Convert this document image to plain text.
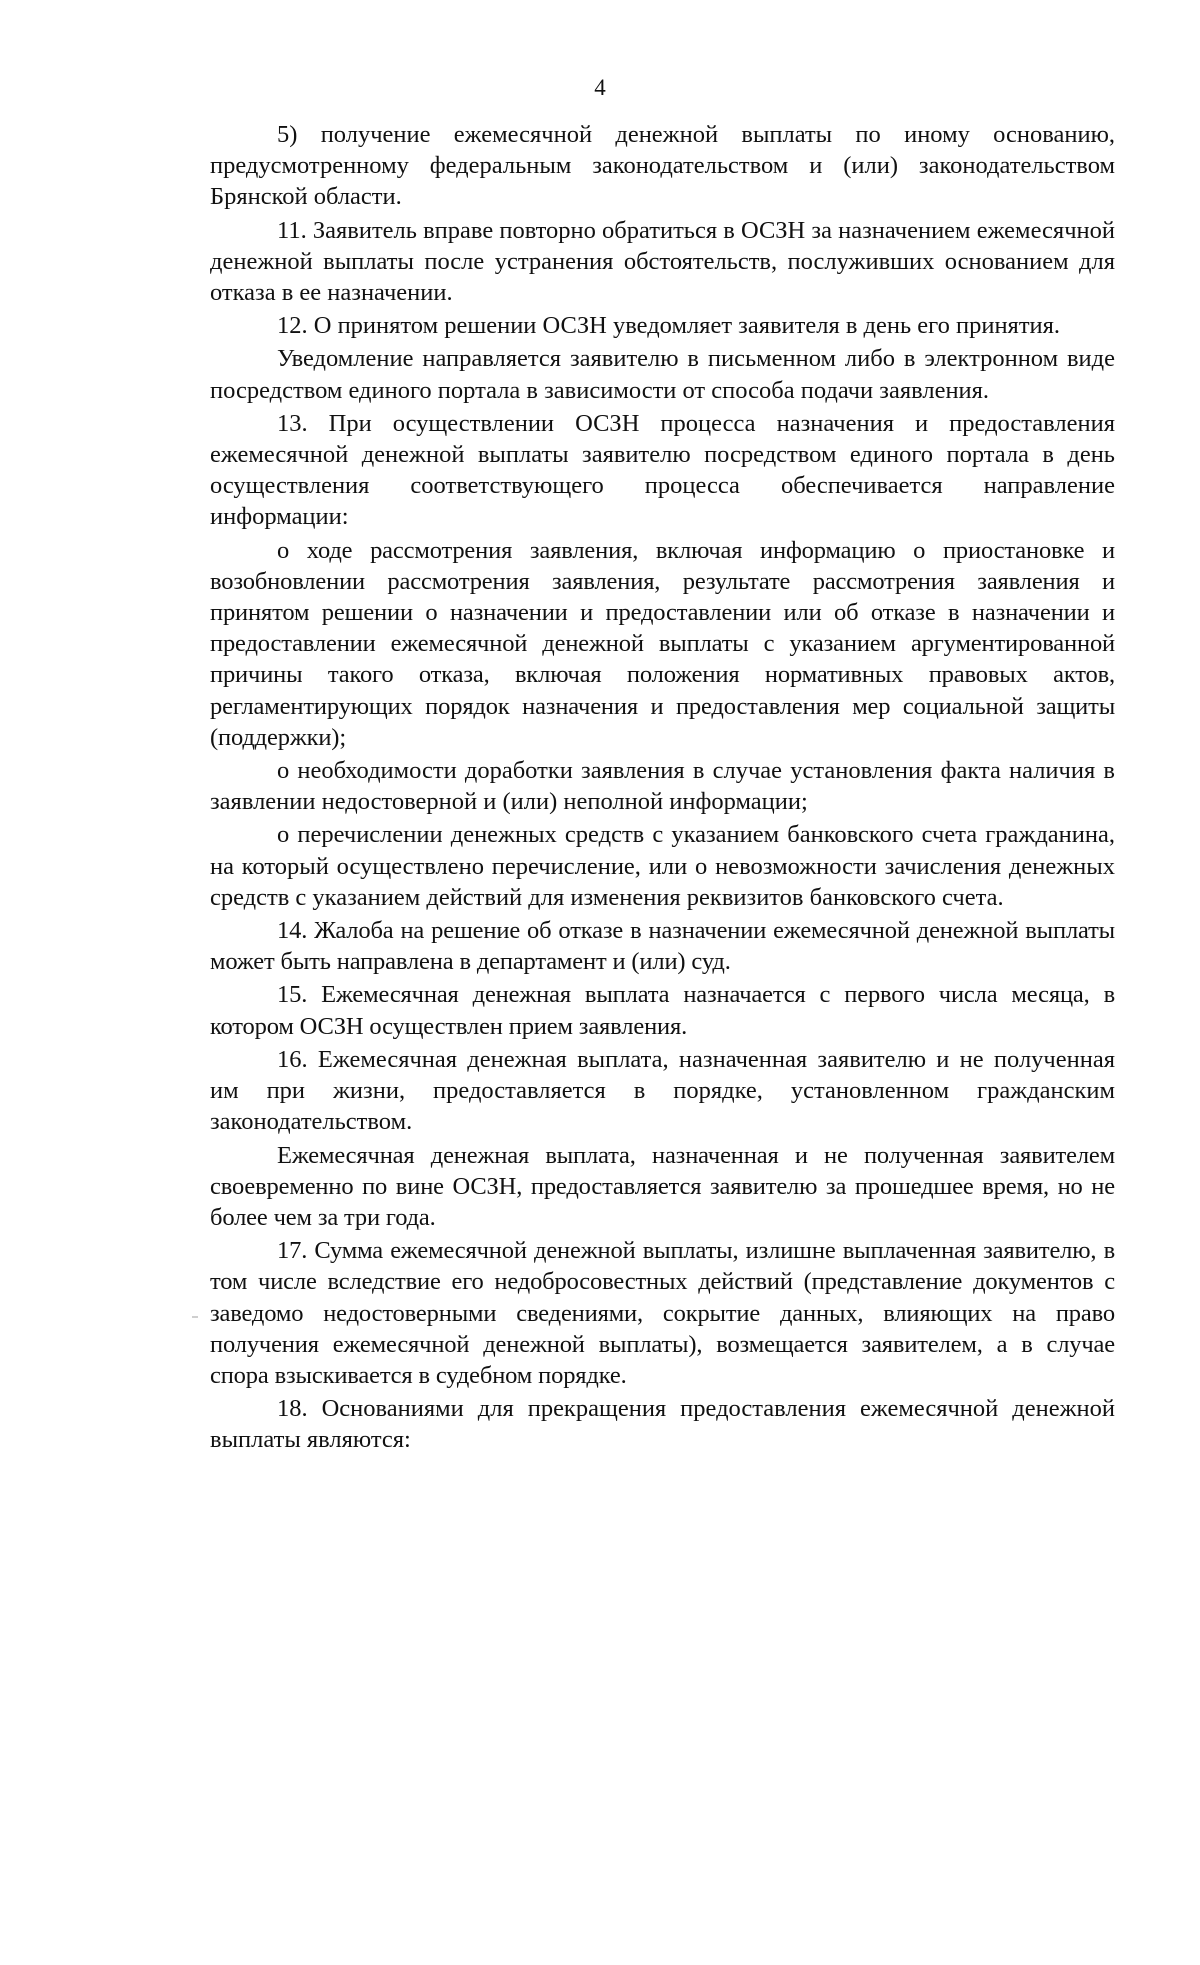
4

5) получение ежемесячной денежной выплаты по иному основанию, предусмотренному федеральным законодательством и (или) законодательством Брянской области.

11. Заявитель вправе повторно обратиться в ОСЗН за назначением ежемесячной денежной выплаты после устранения обстоятельств, послуживших основанием для отказа в ее назначении.

12. О принятом решении ОСЗН уведомляет заявителя в день его принятия.

Уведомление направляется заявителю в письменном либо в электронном виде посредством единого портала в зависимости от способа подачи заявления.

13. При осуществлении ОСЗН процесса назначения и предоставления ежемесячной денежной выплаты заявителю посредством единого портала в день осуществления соответствующего процесса обеспечивается направление информации:

о ходе рассмотрения заявления, включая информацию о приостановке и возобновлении рассмотрения заявления, результате рассмотрения заявления и принятом решении о назначении и предоставлении или об отказе в назначении и предоставлении ежемесячной денежной выплаты с указанием аргументированной причины такого отказа, включая положения нормативных правовых актов, регламентирующих порядок назначения и предоставления мер социальной защиты (поддержки);

о необходимости доработки заявления в случае установления факта наличия в заявлении недостоверной и (или) неполной информации;

о перечислении денежных средств с указанием банковского счета гражданина, на который осуществлено перечисление, или о невозможности зачисления денежных средств с указанием действий для изменения реквизитов банковского счета.

14. Жалоба на решение об отказе в назначении ежемесячной денежной выплаты может быть направлена в департамент и (или) суд.

15. Ежемесячная денежная выплата назначается с первого числа месяца, в котором ОСЗН осуществлен прием заявления.

16. Ежемесячная денежная выплата, назначенная заявителю и не полученная им при жизни, предоставляется в порядке, установленном гражданским законодательством.

Ежемесячная денежная выплата, назначенная и не полученная заявителем своевременно по вине ОСЗН, предоставляется заявителю за прошедшее время, но не более чем за три года.

17. Сумма ежемесячной денежной выплаты, излишне выплаченная заявителю, в том числе вследствие его недобросовестных действий (представление документов с заведомо недостоверными сведениями, сокрытие данных, влияющих на право получения ежемесячной денежной выплаты), возмещается заявителем, а в случае спора взыскивается в судебном порядке.

18. Основаниями для прекращения предоставления ежемесячной денежной выплаты являются:
